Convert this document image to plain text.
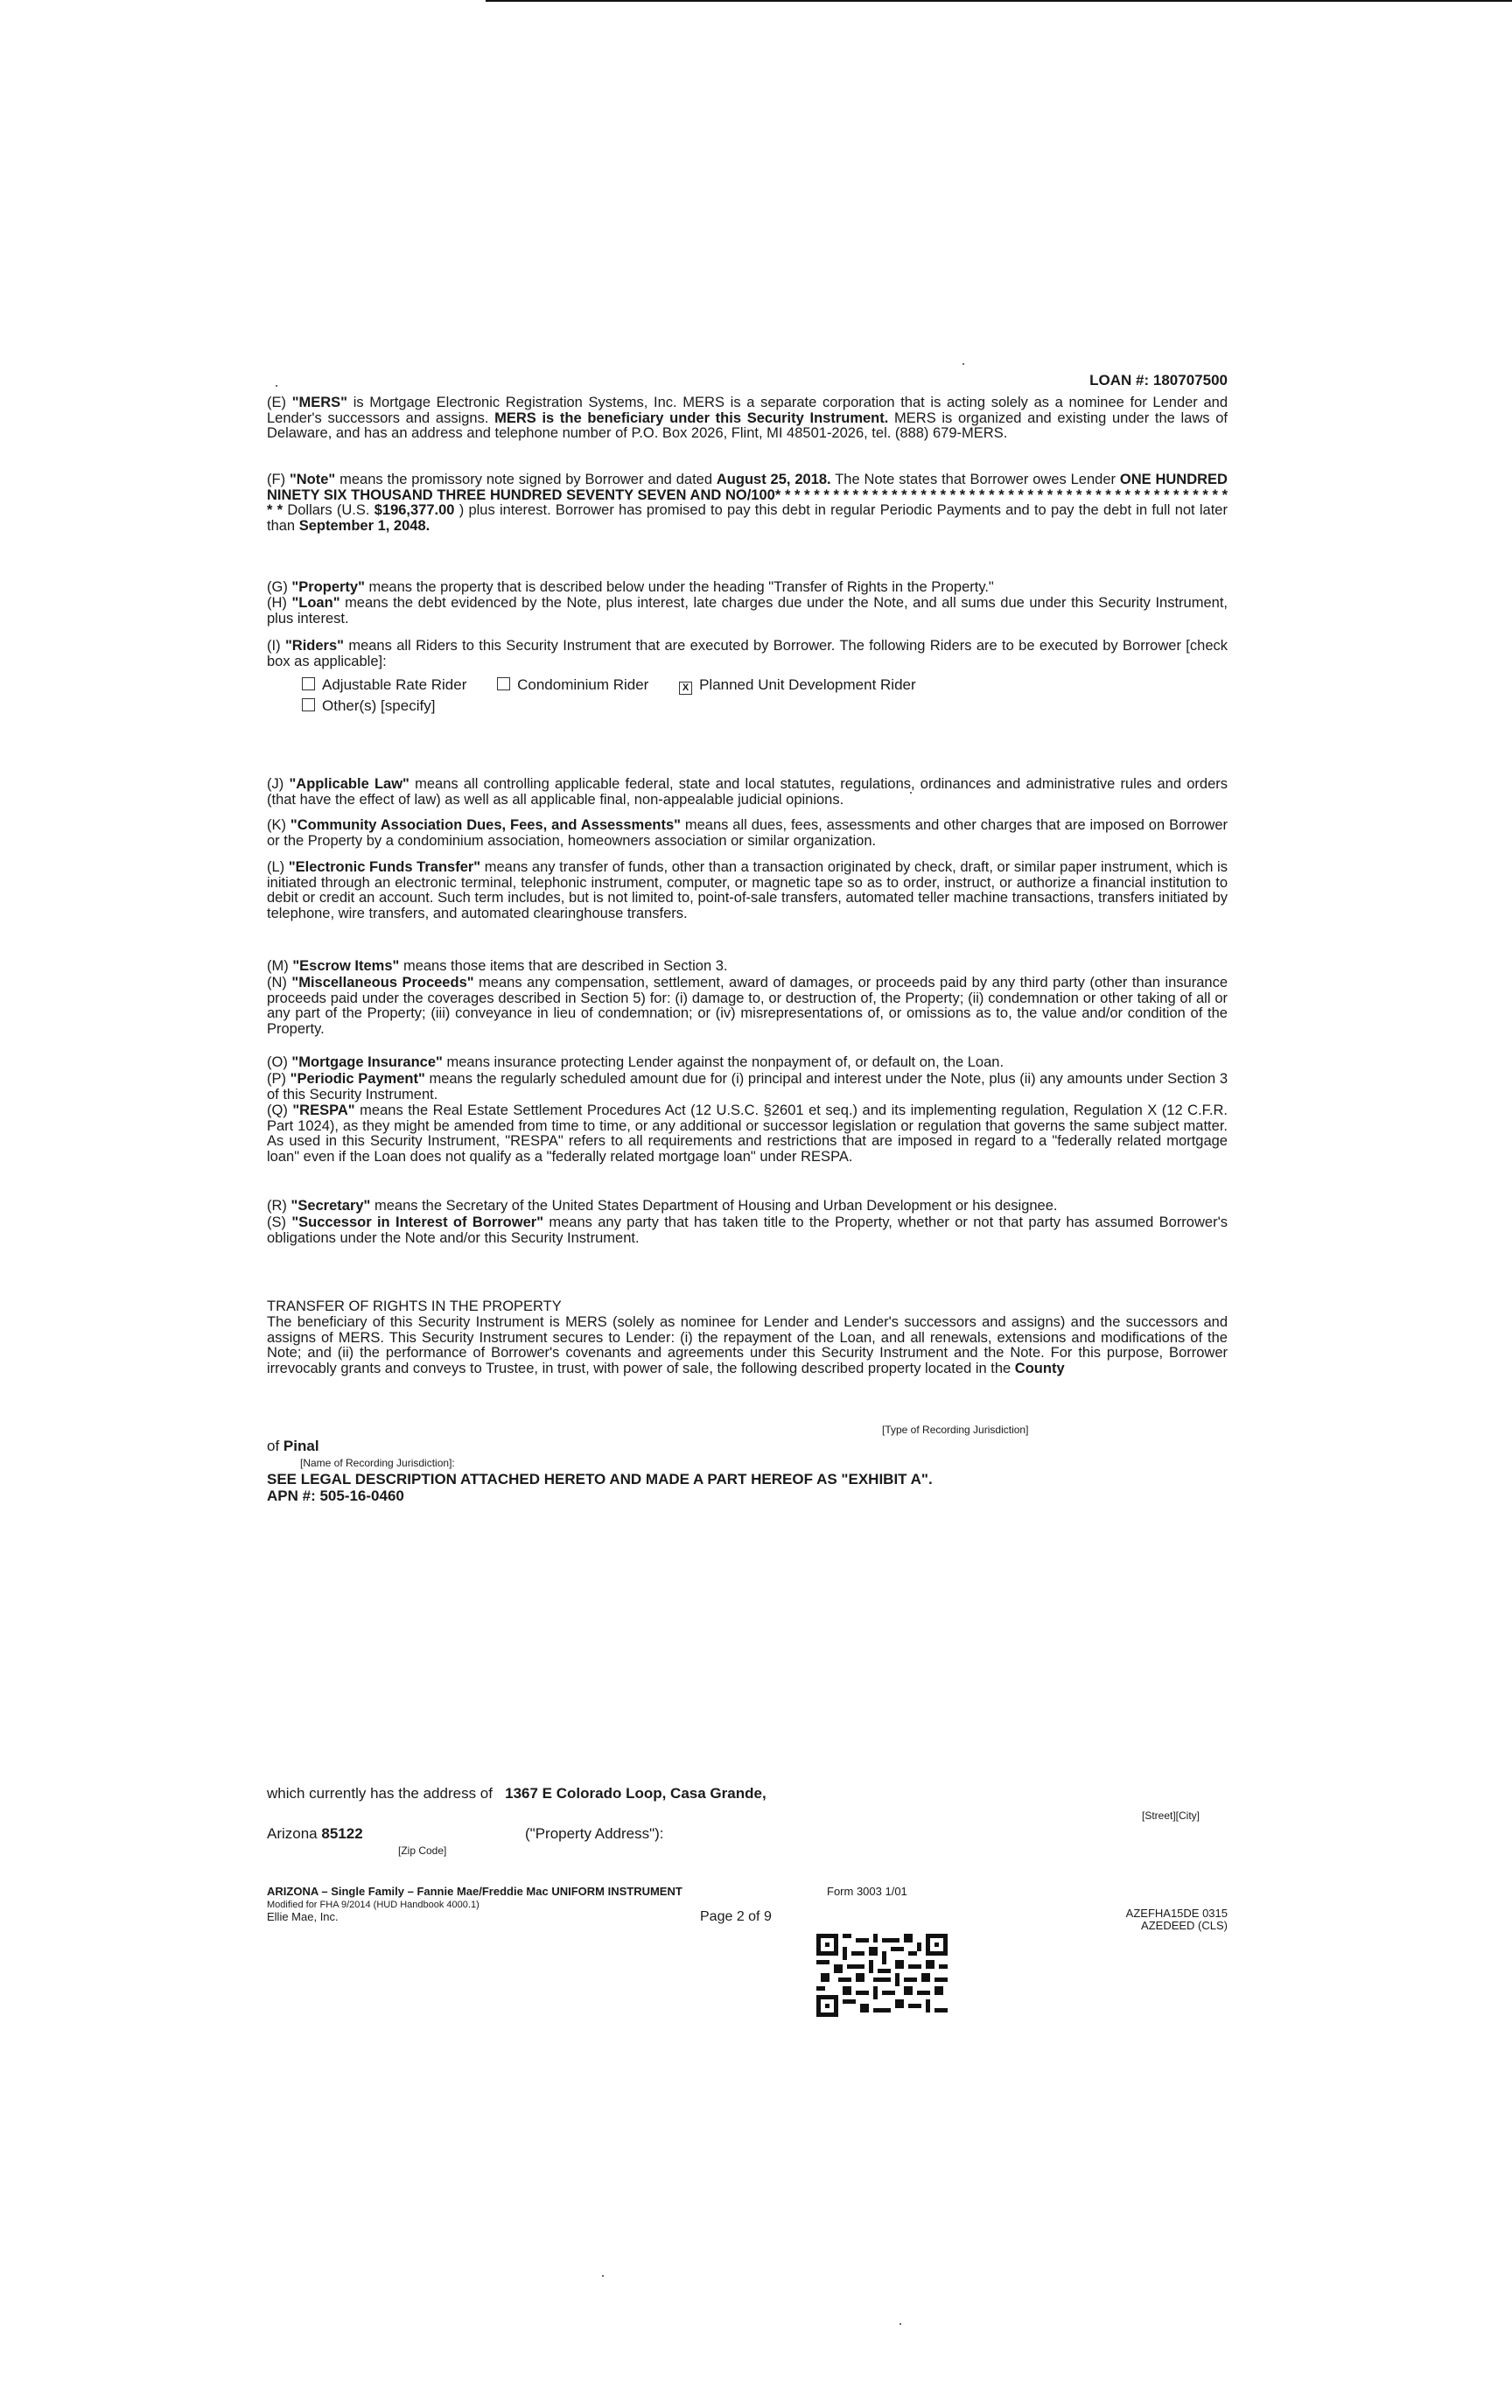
LOAN #: 180707500

(E) "MERS" is Mortgage Electronic Registration Systems, Inc. MERS is a separate corporation that is acting solely as a nominee for Lender and Lender's successors and assigns. MERS is the beneficiary under this Security Instrument. MERS is organized and existing under the laws of Delaware, and has an address and telephone number of P.O. Box 2026, Flint, MI 48501-2026, tel. (888) 679-MERS.

(F) "Note" means the promissory note signed by Borrower and dated August 25, 2018. The Note states that Borrower owes Lender ONE HUNDRED NINETY SIX THOUSAND THREE HUNDRED SEVENTY SEVEN AND NO/100* * * * * * * * * * * * * * * * * * * * * * * * * * * * * * * * * * * * * * * * * * * * * * * * * Dollars (U.S. $196,377.00 ) plus interest. Borrower has promised to pay this debt in regular Periodic Payments and to pay the debt in full not later than September 1, 2048.

(G) "Property" means the property that is described below under the heading "Transfer of Rights in the Property."

(H) "Loan" means the debt evidenced by the Note, plus interest, late charges due under the Note, and all sums due under this Security Instrument, plus interest.

(I) "Riders" means all Riders to this Security Instrument that are executed by Borrower. The following Riders are to be executed by Borrower [check box as applicable]:

Adjustable Rate Rider	Condominium Rider	X Planned Unit Development Rider
Other(s) [specify]

(J) "Applicable Law" means all controlling applicable federal, state and local statutes, regulations, ordinances and administrative rules and orders (that have the effect of law) as well as all applicable final, non-appealable judicial opinions.

(K) "Community Association Dues, Fees, and Assessments" means all dues, fees, assessments and other charges that are imposed on Borrower or the Property by a condominium association, homeowners association or similar organization.

(L) "Electronic Funds Transfer" means any transfer of funds, other than a transaction originated by check, draft, or similar paper instrument, which is initiated through an electronic terminal, telephonic instrument, computer, or magnetic tape so as to order, instruct, or authorize a financial institution to debit or credit an account. Such term includes, but is not limited to, point-of-sale transfers, automated teller machine transactions, transfers initiated by telephone, wire transfers, and automated clearinghouse transfers.

(M) "Escrow Items" means those items that are described in Section 3.

(N) "Miscellaneous Proceeds" means any compensation, settlement, award of damages, or proceeds paid by any third party (other than insurance proceeds paid under the coverages described in Section 5) for: (i) damage to, or destruction of, the Property; (ii) condemnation or other taking of all or any part of the Property; (iii) conveyance in lieu of condemnation; or (iv) misrepresentations of, or omissions as to, the value and/or condition of the Property.

(O) "Mortgage Insurance" means insurance protecting Lender against the nonpayment of, or default on, the Loan.

(P) "Periodic Payment" means the regularly scheduled amount due for (i) principal and interest under the Note, plus (ii) any amounts under Section 3 of this Security Instrument.

(Q) "RESPA" means the Real Estate Settlement Procedures Act (12 U.S.C. §2601 et seq.) and its implementing regulation, Regulation X (12 C.F.R. Part 1024), as they might be amended from time to time, or any additional or successor legislation or regulation that governs the same subject matter. As used in this Security Instrument, "RESPA" refers to all requirements and restrictions that are imposed in regard to a "federally related mortgage loan" even if the Loan does not qualify as a "federally related mortgage loan" under RESPA.

(R) "Secretary" means the Secretary of the United States Department of Housing and Urban Development or his designee.

(S) "Successor in Interest of Borrower" means any party that has taken title to the Property, whether or not that party has assumed Borrower's obligations under the Note and/or this Security Instrument.

TRANSFER OF RIGHTS IN THE PROPERTY

The beneficiary of this Security Instrument is MERS (solely as nominee for Lender and Lender's successors and assigns) and the successors and assigns of MERS. This Security Instrument secures to Lender: (i) the repayment of the Loan, and all renewals, extensions and modifications of the Note; and (ii) the performance of Borrower's covenants and agreements under this Security Instrument and the Note. For this purpose, Borrower irrevocably grants and conveys to Trustee, in trust, with power of sale, the following described property located in the County

[Type of Recording Jurisdiction]
of Pinal
[Name of Recording Jurisdiction]:
SEE LEGAL DESCRIPTION ATTACHED HERETO AND MADE A PART HEREOF AS "EXHIBIT A".
APN #: 505-16-0460
which currently has the address of 1367 E Colorado Loop, Casa Grande,
[Street][City]
Arizona 85122	("Property Address"):
[Zip Code]
ARIZONA – Single Family – Fannie Mae/Freddie Mac UNIFORM INSTRUMENT	Form 3003 1/01
Modified for FHA 9/2014 (HUD Handbook 4000.1)
Ellie Mae, Inc.	Page 2 of 9	AZEFHA15DE 0315
AZEDEED (CLS)
